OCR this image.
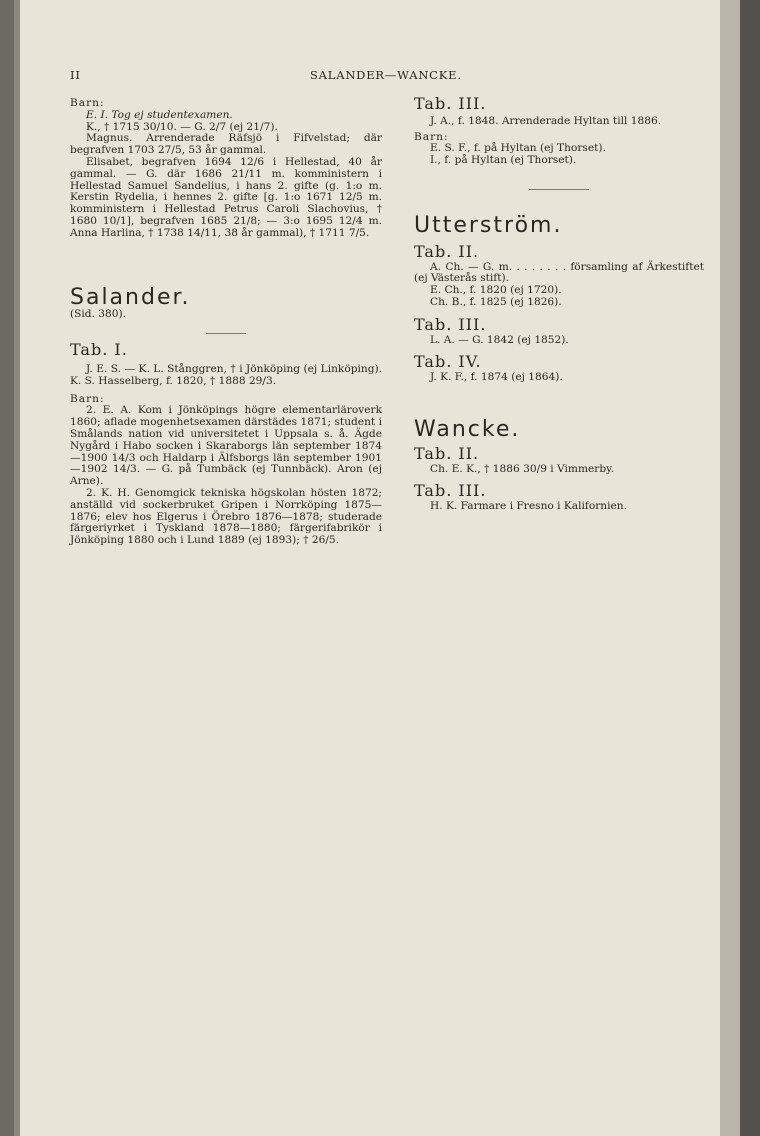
II	SALANDER—WANCKE.

Barn:

E. I. Tog ej studentexamen.

K., † 1715 30/10. — G. 2/7 (ej 21/7).

Magnus. Arrenderade Räfsjö i Fifvelstad; där begrafven 1703 27/5, 53 år gammal.

Elisabet, begrafven 1694 12/6 i Hellestad, 40 år gammal. — G. där 1686 21/11 m. komministern i Hellestad Samuel Sandelius, i hans 2. gifte (g. 1:o m. Kerstin Rydelia, i hennes 2. gifte [g. 1:o 1671 12/5 m. komministern i Hellestad Petrus Caroli Slachovius, † 1680 10/1], begrafven 1685 21/8; — 3:o 1695 12/4 m. Anna Harlina, † 1738 14/11, 38 år gammal), † 1711 7/5.

Salander.

(Sid. 380).

Tab. I.

J. E. S. — K. L. Stånggren, † i Jönköping (ej Linköping). K. S. Hasselberg, f. 1820, † 1888 29/3.

Barn:

2. E. A. Kom i Jönköpings högre elementarläroverk 1860; aflade mogenhetsexamen därstädes 1871; student i Smålands nation vid universitetet i Uppsala s. å. Ägde Nygård i Habo socken i Skaraborgs län september 1874—1900 14/3 och Haldarp i Älfsborgs län september 1901—1902 14/3. — G. på Tumbäck (ej Tunnbäck). Aron (ej Arne).

2. K. H. Genomgick tekniska högskolan hösten 1872; anställd vid sockerbruket Gripen i Norrköping 1875—1876; elev hos Elgerus i Örebro 1876—1878; studerade färgeriyrket i Tyskland 1878—1880; färgerifabrikör i Jönköping 1880 och i Lund 1889 (ej 1893); † 26/5.

Tab. III.

J. A., f. 1848. Arrenderade Hyltan till 1886.

Barn:

E. S. F., f. på Hyltan (ej Thorset).

I., f. på Hyltan (ej Thorset).

Utterström.

Tab. II.

A. Ch. — G. m. . . . . . . . församling af Ärkestiftet (ej Västerås stift).

E. Ch., f. 1820 (ej 1720).

Ch. B., f. 1825 (ej 1826).

Tab. III.

L. A. — G. 1842 (ej 1852).

Tab. IV.

J. K. F., f. 1874 (ej 1864).

Wancke.

Tab. II.

Ch. E. K., † 1886 30/9 i Vimmerby.

Tab. III.

H. K. Farmare i Fresno i Kalifornien.
